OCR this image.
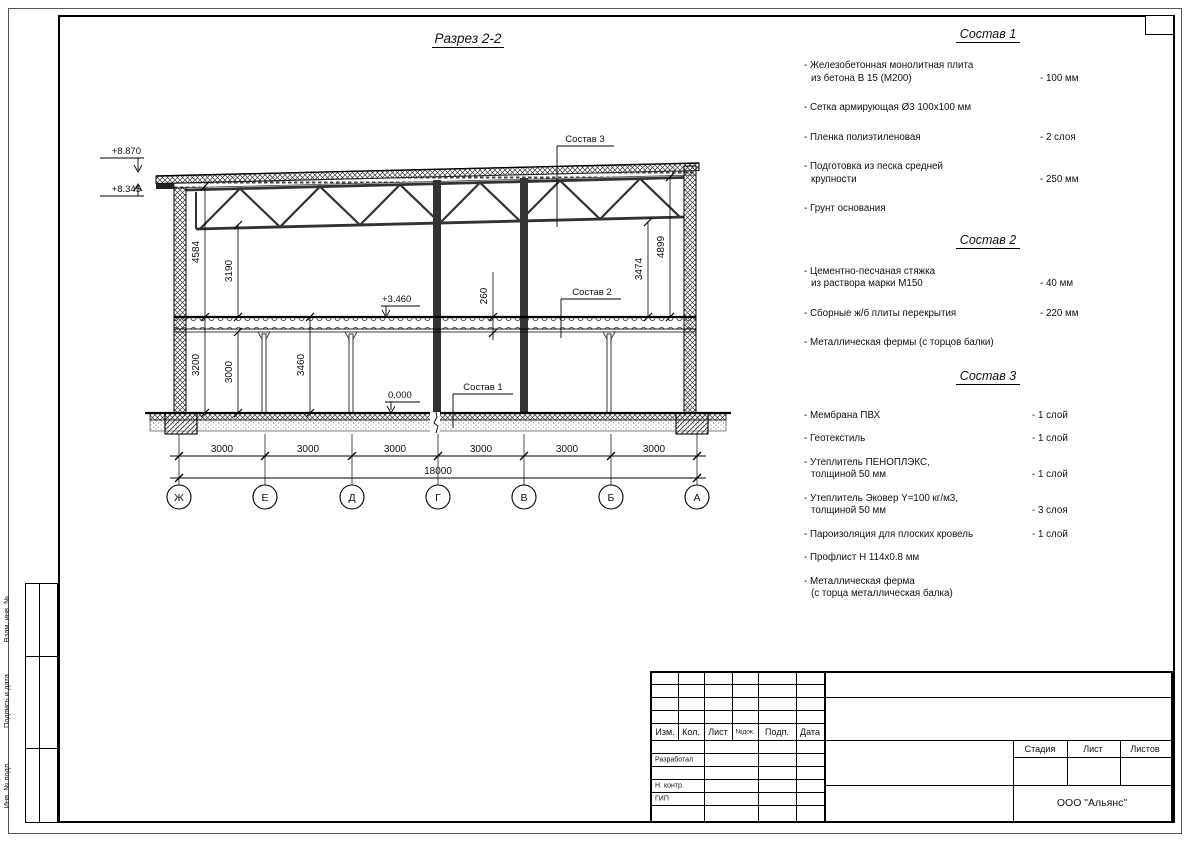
Разрез 2-2
4584
3190
3200 3000	3460
260
3474
4899
+8.870
+8.345
+3.460
0.000
Состав 3
Состав 2
Состав 1
3000	3000	3000	3000	3000	3000
18000
Ж	Е	Д	Г	В	Б	А
Состав 1
- Железобетонная монолитная плита
из бетона В 15 (М200)	- 100 мм
- Сетка армирующая Ø3 100х100 мм
- Пленка полиэтиленовая	- 2 слоя
- Подготовка из песка средней
крупности	- 250 мм
- Грунт основания
Состав 2
- Цементно-песчаная стяжка
из раствора марки М150	- 40 мм
- Сборные ж/б плиты перекрытия	- 220 мм
- Металлическая фермы (с торцов балки)
Состав 3
- Мембрана ПВХ	- 1 слой
- Геотекстиль	- 1 слой
- Утеплитель ПЕНОПЛЭКС,
толщиной 50 мм	- 1 слой
- Утеплитель Эковер Y=100 кг/м3,
толщиной 50 мм	- 3 слоя
- Пароизоляция для плоских кровель	- 1 слой
- Профлист Н 114х0.8 мм
- Металлическая ферма
(с торца металлическая балка)
Взам. инв. №
Подпись и дата
Инв. № подл.
Изм. Кол. Лист №док. Подп. Дата
Разработал
Н. контр.
ГИП
Стадия	Лист	Листов
ООО "Альянс"
